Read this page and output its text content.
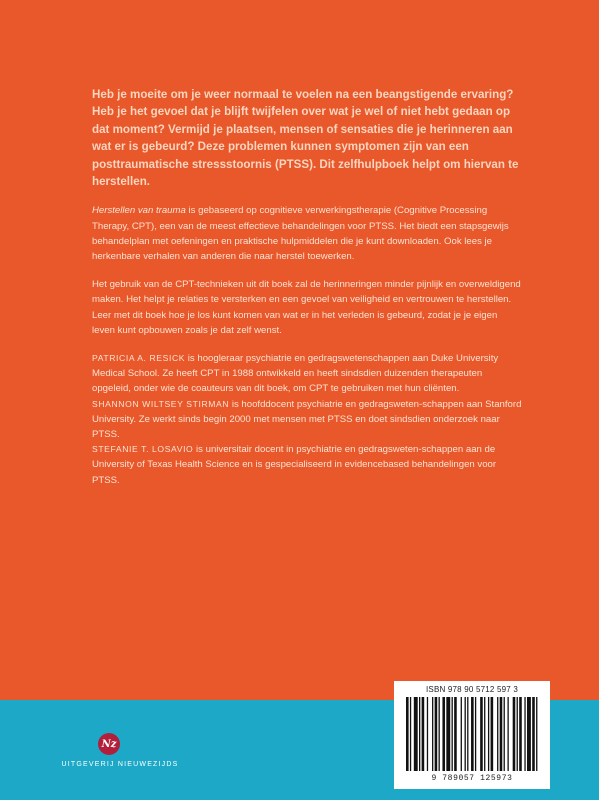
Heb je moeite om je weer normaal te voelen na een beangstigende ervaring? Heb je het gevoel dat je blijft twijfelen over wat je wel of niet hebt gedaan op dat moment? Vermijd je plaatsen, mensen of sensaties die je herinneren aan wat er is gebeurd? Deze problemen kunnen symptomen zijn van een posttraumatische stressstoornis (PTSS). Dit zelfhulpboek helpt om hiervan te herstellen.

Herstellen van trauma is gebaseerd op cognitieve verwerkingstherapie (Cognitive Processing Therapy, CPT), een van de meest effectieve behandelingen voor PTSS. Het biedt een stapsgewijs behandelplan met oefeningen en praktische hulpmiddelen die je kunt downloaden. Ook lees je herkenbare verhalen van anderen die naar herstel toewerken.

Het gebruik van de CPT-technieken uit dit boek zal de herinneringen minder pijnlijk en overweldigend maken. Het helpt je relaties te versterken en een gevoel van veiligheid en vertrouwen te herstellen. Leer met dit boek hoe je los kunt komen van wat er in het verleden is gebeurd, zodat je je eigen leven kunt opbouwen zoals je dat zelf wenst.

PATRICIA A. RESICK is hoogleraar psychiatrie en gedragswetenschappen aan Duke University Medical School. Ze heeft CPT in 1988 ontwikkeld en heeft sindsdien duizenden therapeuten opgeleid, onder wie de coauteurs van dit boek, om CPT te gebruiken met hun cliënten.

SHANNON WILTSEY STIRMAN is hoofddocent psychiatrie en gedragsweten-schappen aan Stanford University. Ze werkt sinds begin 2000 met mensen met PTSS en doet sindsdien onderzoek naar PTSS.

STEFANIE T. LOSAVIO is universitair docent in psychiatrie en gedragsweten-schappen aan de University of Texas Health Science en is gespecialiseerd in evidencebased behandelingen voor PTSS.

Nz
UITGEVERIJ NIEUWEZIJDS
ISBN 978 90 5712 597 3
9 789057 125973
